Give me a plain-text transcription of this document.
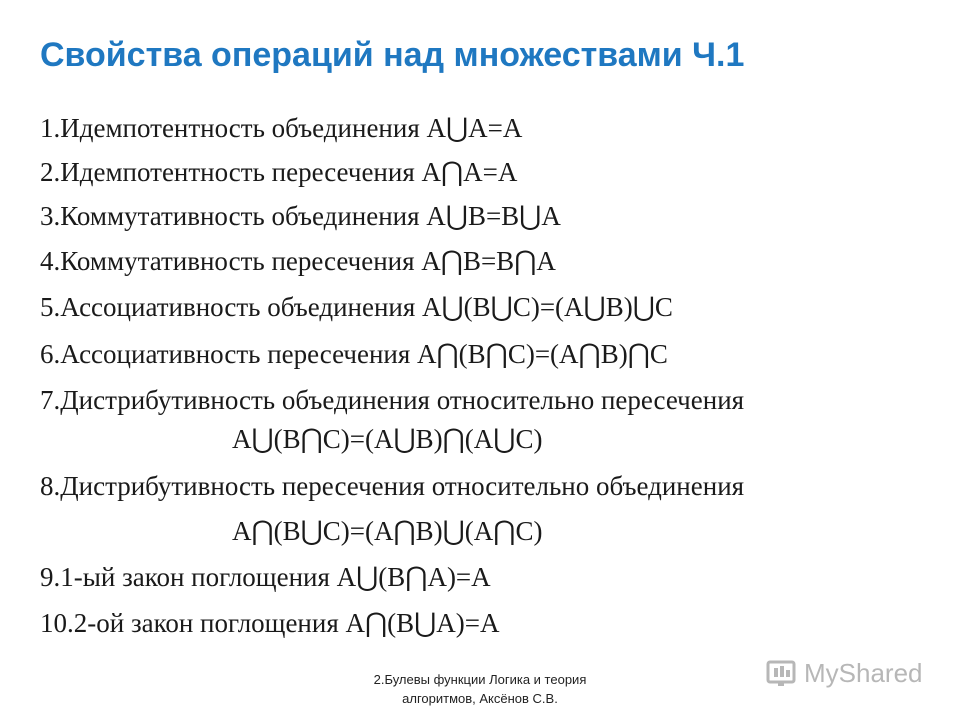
Свойства операций над множествами Ч.1
1.Идемпотентность объединения А⋃А=А
2.Идемпотентность пересечения А⋂А=А
3.Коммутативность объединения А⋃В=В⋃А
4.Коммутативность пересечения А⋂В=В⋂А
5.Ассоциативность объединения А⋃(В⋃С)=(А⋃В)⋃С
6.Ассоциативность пересечения А⋂(В⋂С)=(А⋂В)⋂С
7.Дистрибутивность объединения относительно пересечения
А⋃(В⋂С)=(А⋃В)⋂(А⋃С)
8.Дистрибутивность пересечения относительно объединения
А⋂(В⋃С)=(А⋂В)⋃(А⋂С)
9.1-ый закон поглощения А⋃(В⋂А)=А
10.2-ой закон поглощения А⋂(В⋃А)=А
2.Булевы функции Логика и теория
алгоритмов, Аксёнов С.В.
MyShared
